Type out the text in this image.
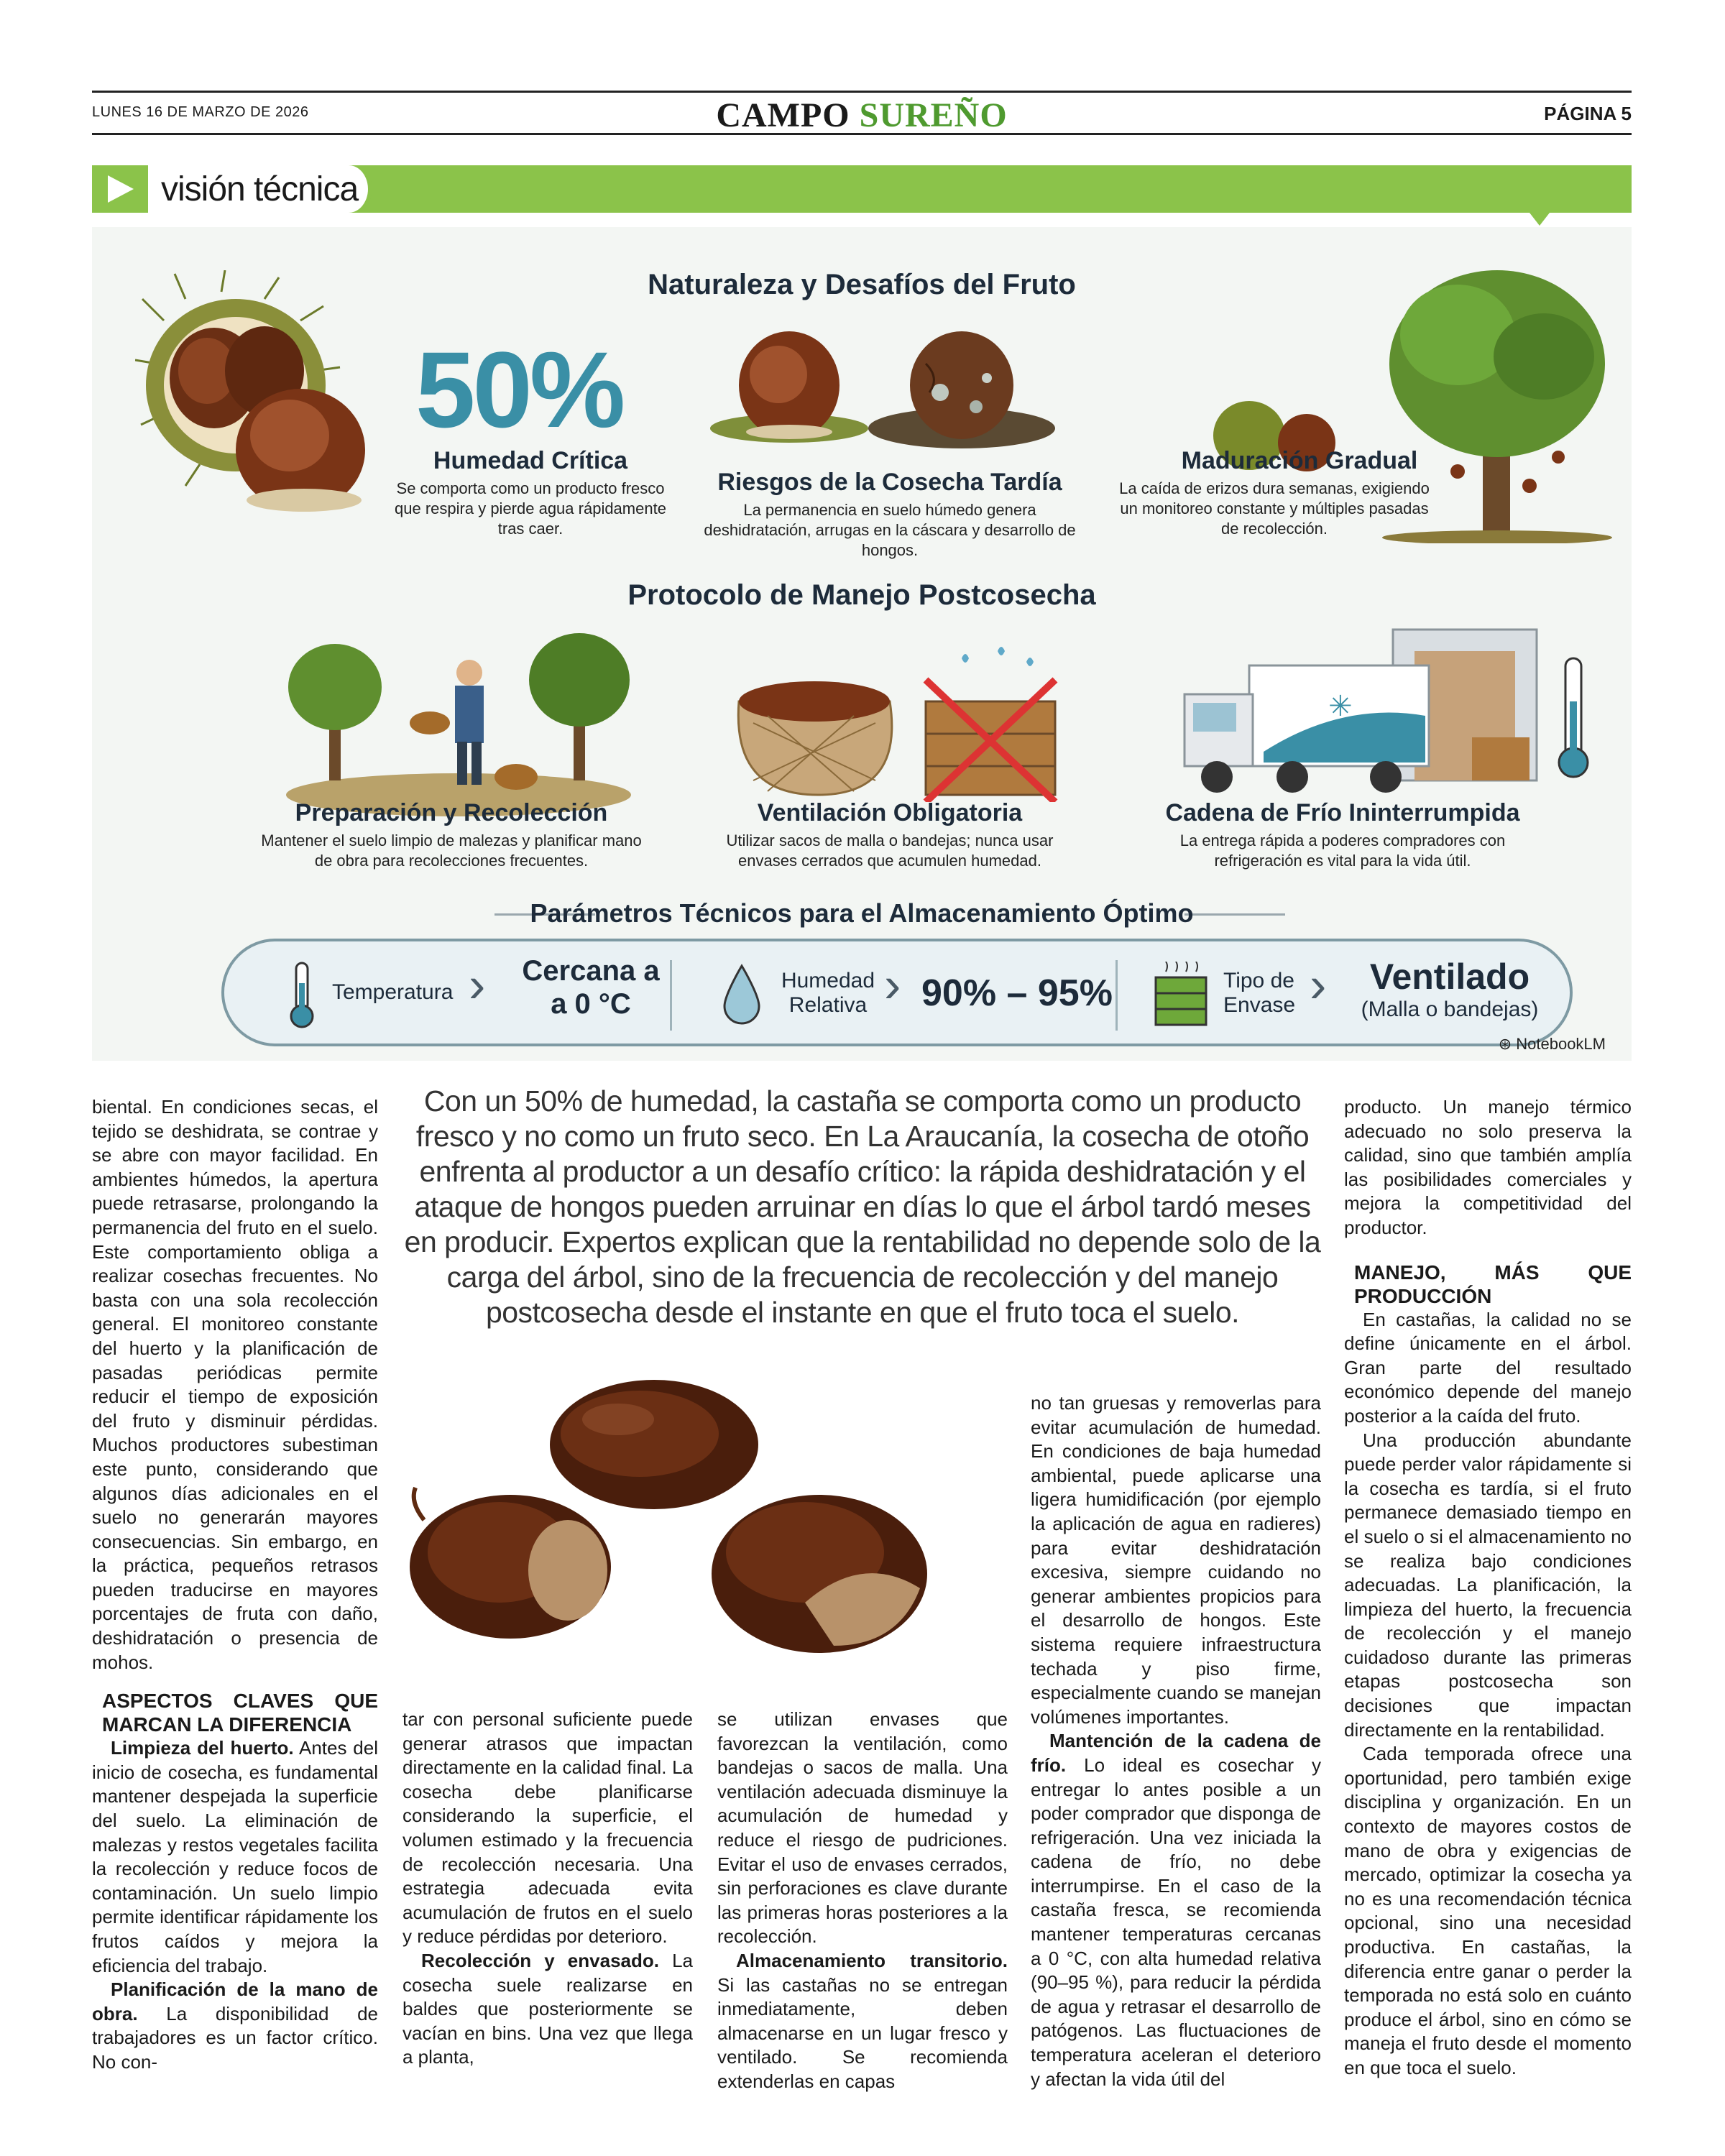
LUNES 16 DE MARZO DE 2026	CAMPO SUREÑO	PÁGINA 5
visión técnica
Naturaleza y Desafíos del Fruto
50%
Humedad Crítica
Se comporta como un producto fresco que respira y pierde agua rápidamente tras caer.
Riesgos de la Cosecha Tardía
La permanencia en suelo húmedo genera deshidratación, arrugas en la cáscara y desarrollo de hongos.
Maduración Gradual
La caída de erizos dura semanas, exigiendo un monitoreo constante y múltiples pasadas de recolección.
Protocolo de Manejo Postcosecha
Preparación y Recolección
Mantener el suelo limpio de malezas y planificar mano de obra para recolecciones frecuentes.
Ventilación Obligatoria
Utilizar sacos de malla o bandejas; nunca usar envases cerrados que acumulen humedad.
✳
Cadena de Frío Ininterrumpida
La entrega rápida a poderes compradores con refrigeración es vital para la vida útil.
Parámetros Técnicos para el Almacenamiento Óptimo
Temperatura ›	Cercana a
a 0 °C
Humedad
Relativa › 90% – 95%	Tipo de
Envase ›	Ventilado
(Malla o bandejas)
⊛ NotebookLM
Con un 50% de humedad, la castaña se comporta como un producto fresco y no como un fruto seco. En La Araucanía, la cosecha de otoño enfrenta al productor a un desafío crítico: la rápida deshidratación y el ataque de hongos pueden arruinar en días lo que el árbol tardó meses en producir. Expertos explican que la rentabilidad no depende solo de la carga del árbol, sino de la frecuencia de recolección y del manejo postcosecha desde el instante en que el fruto toca el suelo.

biental. En condiciones secas, el tejido se deshidrata, se contrae y se abre con mayor facilidad. En ambientes húmedos, la apertura puede retrasarse, prolongando la permanencia del fruto en el suelo. Este comportamiento obliga a realizar cosechas frecuentes. No basta con una sola recolección general. El monitoreo constante del huerto y la planificación de pasadas periódicas permite reducir el tiempo de exposición del fruto y disminuir pérdidas. Muchos productores subestiman este punto, considerando que algunos días adicionales en el suelo no generarán mayores consecuencias. Sin embargo, en la práctica, pequeños retrasos pueden traducirse en mayores porcentajes de fruta con daño, deshidratación o presencia de mohos.

ASPECTOS CLAVES QUE MARCAN LA DIFERENCIA

Limpieza del huerto. Antes del inicio de cosecha, es fundamental mantener despejada la superficie del suelo. La eliminación de malezas y restos vegetales facilita la recolección y reduce focos de contaminación. Un suelo limpio permite identificar rápidamente los frutos caídos y mejora la eficiencia del trabajo.

Planificación de la mano de obra. La disponibilidad de trabajadores es un factor crítico. No con-

tar con personal suficiente puede generar atrasos que impactan directamente en la calidad final. La cosecha debe planificarse considerando la superficie, el volumen estimado y la frecuencia de recolección necesaria. Una estrategia adecuada evita acumulación de frutos en el suelo y reduce pérdidas por deterioro.

Recolección y envasado. La cosecha suele realizarse en baldes que posteriormente se vacían en bins. Una vez que llega a planta,

se utilizan envases que favorezcan la ventilación, como bandejas o sacos de malla. Una ventilación adecuada disminuye la acumulación de humedad y reduce el riesgo de pudriciones. Evitar el uso de envases cerrados, sin perforaciones es clave durante las primeras horas posteriores a la recolección.

Almacenamiento transitorio. Si las castañas no se entregan inmediatamente, deben almacenarse en un lugar fresco y ventilado. Se recomienda extenderlas en capas

no tan gruesas y removerlas para evitar acumulación de humedad. En condiciones de baja humedad ambiental, puede aplicarse una ligera humidificación (por ejemplo la aplicación de agua en radieres) para evitar deshidratación excesiva, siempre cuidando no generar ambientes propicios para el desarrollo de hongos. Este sistema requiere infraestructura techada y piso firme, especialmente cuando se manejan volúmenes importantes.

Mantención de la cadena de frío. Lo ideal es cosechar y entregar lo antes posible a un poder comprador que disponga de refrigeración. Una vez iniciada la cadena de frío, no debe interrumpirse. En el caso de la castaña fresca, se recomienda mantener temperaturas cercanas a 0 °C, con alta humedad relativa (90–95 %), para reducir la pérdida de agua y retrasar el desarrollo de patógenos. Las fluctuaciones de temperatura aceleran el deterioro y afectan la vida útil del

producto. Un manejo térmico adecuado no solo preserva la calidad, sino que también amplía las posibilidades comerciales y mejora la competitividad del productor.

MANEJO, MÁS QUE PRODUCCIÓN

En castañas, la calidad no se define únicamente en el árbol. Gran parte del resultado económico depende del manejo posterior a la caída del fruto.

Una producción abundante puede perder valor rápidamente si la cosecha es tardía, si el fruto permanece demasiado tiempo en el suelo o si el almacenamiento no se realiza bajo condiciones adecuadas. La planificación, la limpieza del huerto, la frecuencia de recolección y el manejo cuidadoso durante las primeras etapas postcosecha son decisiones que impactan directamente en la rentabilidad.

Cada temporada ofrece una oportunidad, pero también exige disciplina y organización. En un contexto de mayores costos de mano de obra y exigencias de mercado, optimizar la cosecha ya no es una recomendación técnica opcional, sino una necesidad productiva. En castañas, la diferencia entre ganar o perder la temporada no está solo en cuánto produce el árbol, sino en cómo se maneja el fruto desde el momento en que toca el suelo.
